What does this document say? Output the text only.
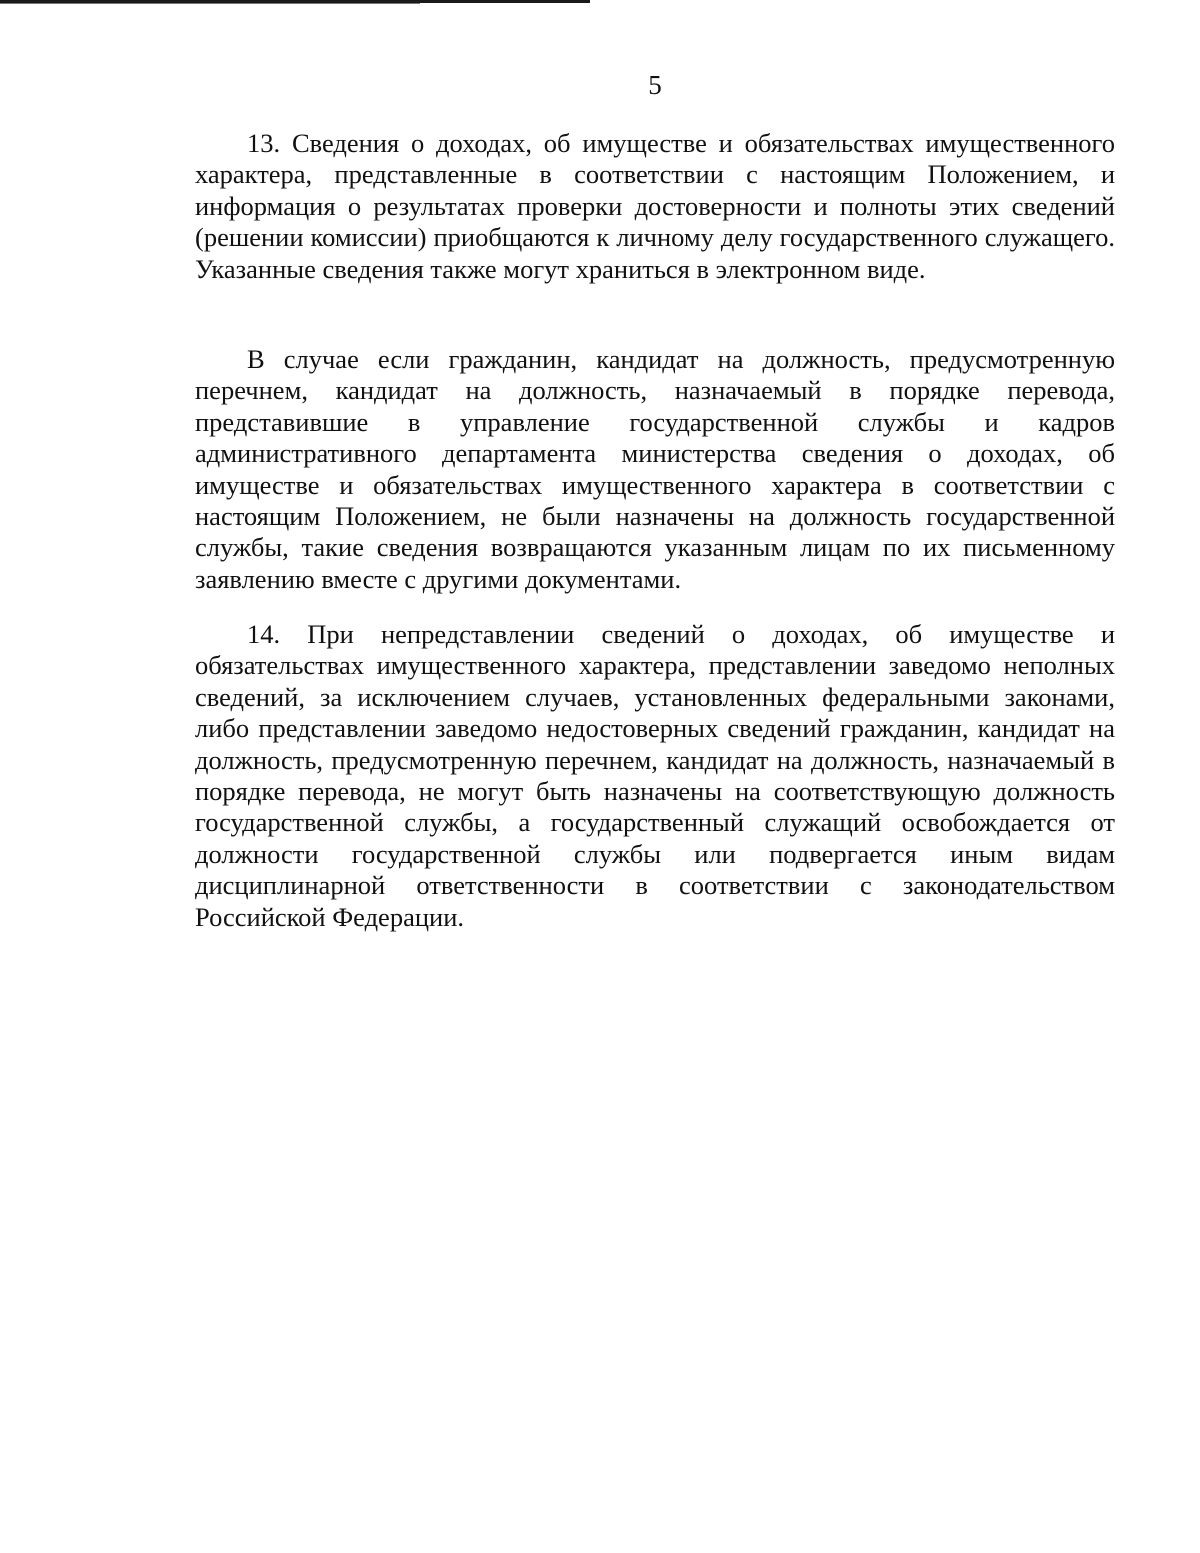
5

13. Сведения о доходах, об имуществе и обязательствах имущественного характера, представленные в соответствии с настоящим Положением, и информация о результатах проверки достоверности и полноты этих сведений (решении комиссии) приобщаются к личному делу государственного служащего. Указанные сведения также могут храниться в электронном виде.

В случае если гражданин, кандидат на должность, предусмотренную перечнем, кандидат на должность, назначаемый в порядке перевода, представившие в управление государственной службы и кадров административного департамента министерства сведения о доходах, об имуществе и обязательствах имущественного характера в соответствии с настоящим Положением, не были назначены на должность государственной службы, такие сведения возвращаются указанным лицам по их письменному заявлению вместе с другими документами.

14. При непредставлении сведений о доходах, об имуществе и обязательствах имущественного характера, представлении заведомо неполных сведений, за исключением случаев, установленных федеральными законами, либо представлении заведомо недостоверных сведений гражданин, кандидат на должность, предусмотренную перечнем, кандидат на должность, назначаемый в порядке перевода, не могут быть назначены на соответствующую должность государственной службы, а государственный служащий освобождается от должности государственной службы или подвергается иным видам дисциплинарной ответственности в соответствии с законодательством Российской Федерации.
